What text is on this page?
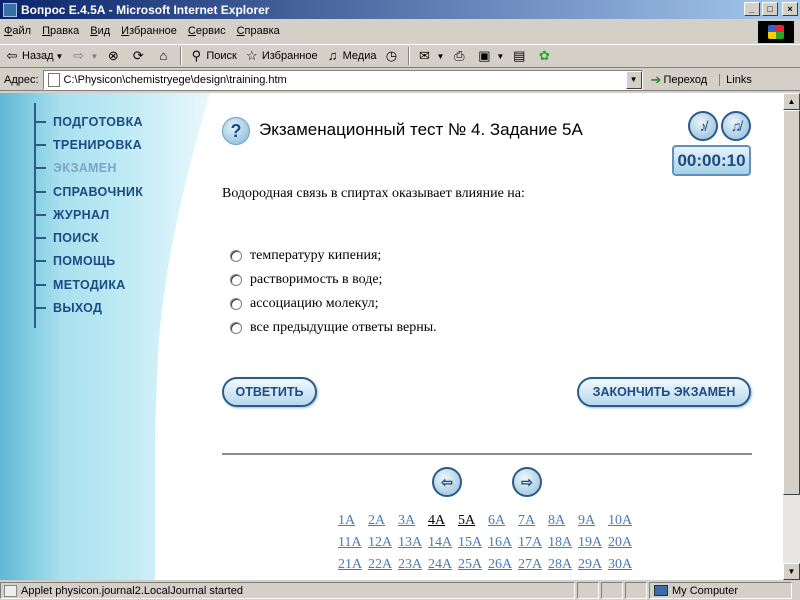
Вопрос Е.4.5А - Microsoft Internet Explorer	_	□	×
Файл Правка Вид Избранное Сервис Справка
⇦ Назад ▼ ⇨ ▼ ⊗ ⟳	⌂	⚲ Поиск ☆ Избранное ♫ Медиа ◷ ✉ ▼ ⎙ ▣ ▼ ▤ ✿
Адрес: C:\Physicon\chemistryege\design\training.htm	▼	➔ Переход	Links
ПОДГОТОВКА
ТРЕНИРОВКА
ЭКЗАМЕН
СПРАВОЧНИК
ЖУРНАЛ
ПОИСК
ПОМОЩЬ
МЕТОДИКА
ВЫХОД
?	Экзаменационный тест № 4. Задание 5А	♪̸	♫̸
00:00:10
Водородная связь в спиртах оказывает влияние на:
температуру кипения;
растворимость в воде;
ассоциацию молекул;
все предыдущие ответы верны.
ОТВЕТИТЬ	ЗАКОНЧИТЬ ЭКЗАМЕН
⇦	⇨
1А 2А 3А 4А 5А 6А 7А 8А 9А 10А
11А 12А 13А 14А 15А 16А 17А 18А 19А 20А
21А 22А 23А 24А 25А 26А 27А 28А 29А 30А
▲
▼
Applet physicon.journal2.LocalJournal started	My Computer
